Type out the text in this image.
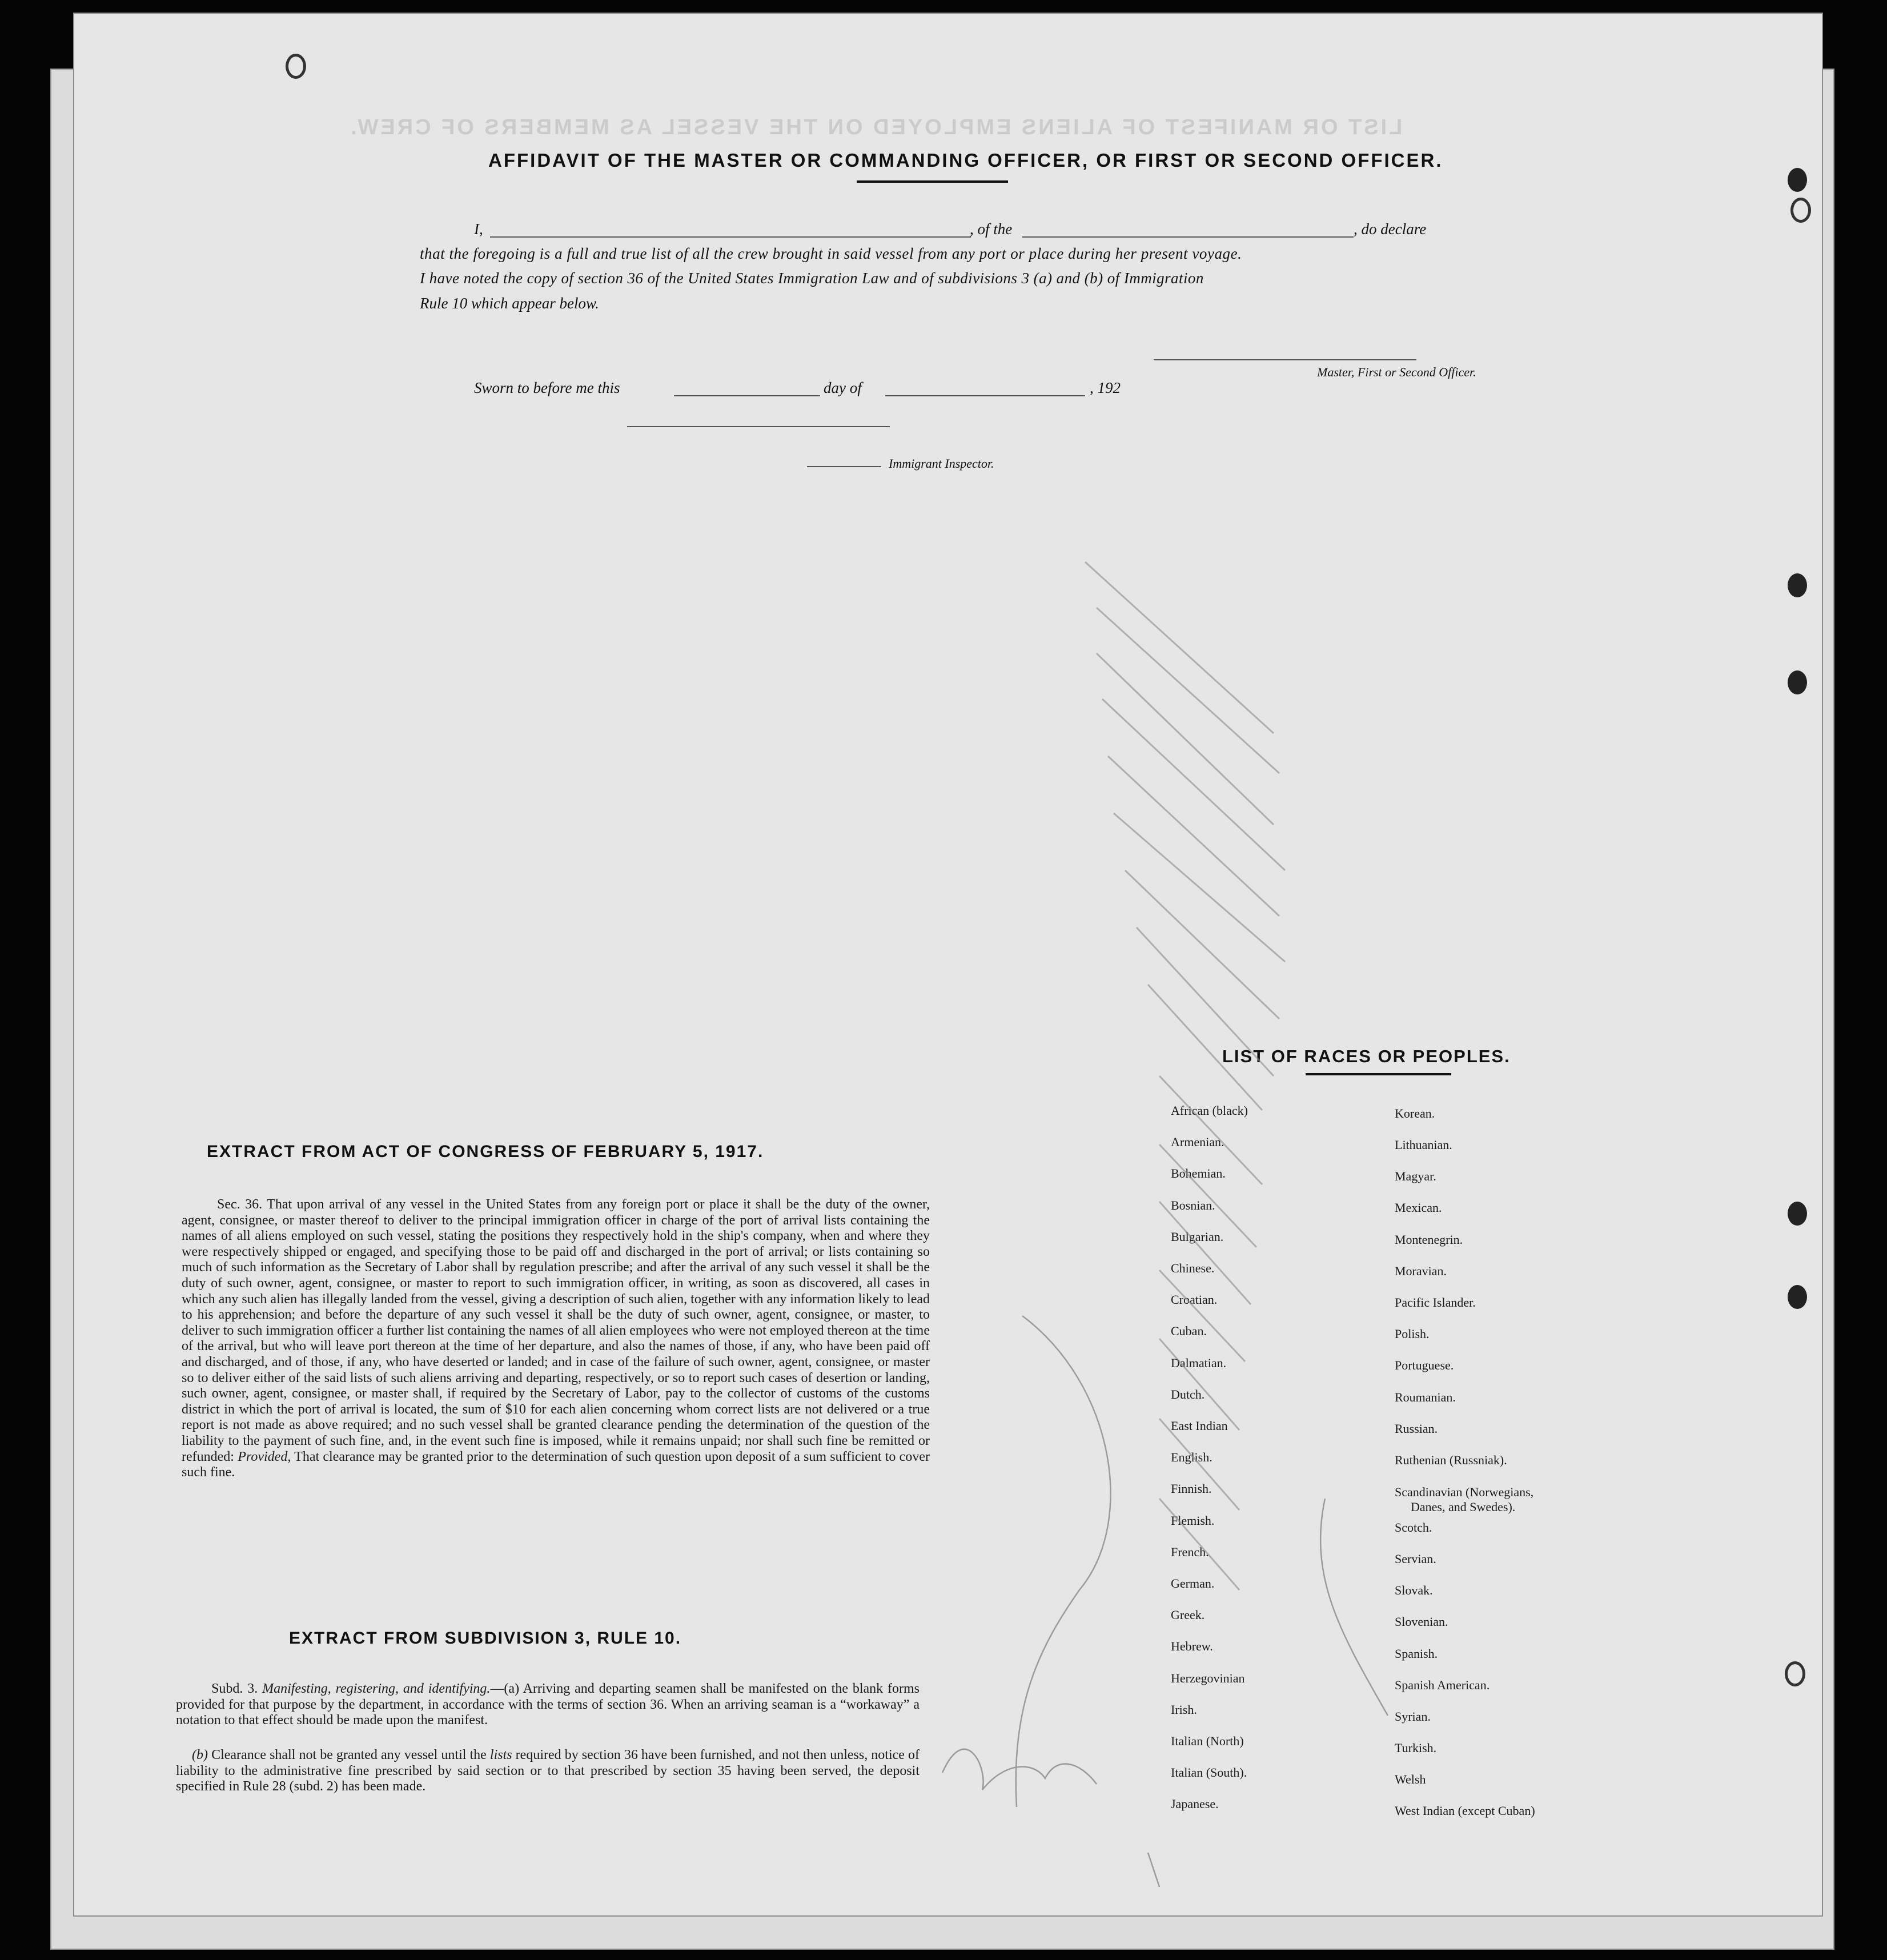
LIST OR MANIFEST OF ALIENS EMPLOYED ON THE VESSEL AS MEMBERS OF CREW.
AFFIDAVIT OF THE MASTER OR COMMANDING OFFICER, OR FIRST OR SECOND OFFICER.
I,	, of the	, do declare
that the foregoing is a full and true list of all the crew brought in said vessel from any port or place during her present voyage.
I have noted the copy of section 36 of the United States Immigration Law and of subdivisions 3 (a) and (b) of Immigration
Rule 10 which appear below.
Master, First or Second Officer.
Sworn to before me this	day of	, 192
Immigrant Inspector.
EXTRACT FROM ACT OF CONGRESS OF FEBRUARY 5, 1917.

Sec. 36. That upon arrival of any vessel in the United States from any foreign port or place it shall be the duty of the owner, agent, consignee, or master thereof to deliver to the principal immigration officer in charge of the port of arrival lists containing the names of all aliens employed on such vessel, stating the positions they respectively hold in the ship's company, when and where they were respectively shipped or engaged, and specifying those to be paid off and discharged in the port of arrival; or lists containing so much of such information as the Secretary of Labor shall by regulation prescribe; and after the arrival of any such vessel it shall be the duty of such owner, agent, consignee, or master to report to such immigration officer, in writing, as soon as discovered, all cases in which any such alien has illegally landed from the vessel, giving a description of such alien, together with any information likely to lead to his apprehension; and before the departure of any such vessel it shall be the duty of such owner, agent, consignee, or master, to deliver to such immigration officer a further list containing the names of all alien employees who were not employed thereon at the time of the arrival, but who will leave port thereon at the time of her departure, and also the names of those, if any, who have been paid off and discharged, and of those, if any, who have deserted or landed; and in case of the failure of such owner, agent, consignee, or master so to deliver either of the said lists of such aliens arriving and departing, respectively, or so to report such cases of desertion or landing, such owner, agent, consignee, or master shall, if required by the Secretary of Labor, pay to the collector of customs of the customs district in which the port of arrival is located, the sum of $10 for each alien concerning whom correct lists are not delivered or a true report is not made as above required; and no such vessel shall be granted clearance pending the determination of the question of the liability to the payment of such fine, and, in the event such fine is imposed, while it remains unpaid; nor shall such fine be remitted or refunded: Provided, That clearance may be granted prior to the determination of such question upon deposit of a sum sufficient to cover such fine.

EXTRACT FROM SUBDIVISION 3, RULE 10.

Subd. 3. Manifesting, registering, and identifying.—(a) Arriving and departing seamen shall be manifested on the blank forms provided for that purpose by the department, in accordance with the terms of section 36. When an arriving seaman is a “workaway” a notation to that effect should be made upon the manifest.

(b) Clearance shall not be granted any vessel until the lists required by section 36 have been furnished, and not then unless, notice of liability to the administrative fine prescribed by said section or to that prescribed by section 35 having been served, the deposit specified in Rule 28 (subd. 2) has been made.

LIST OF RACES OR PEOPLES.
African (black)
Armenian.
Bohemian.
Bosnian.
Bulgarian.
Chinese.
Croatian.
Cuban.
Dalmatian.
Dutch.
East Indian
English.
Finnish.
Flemish.
French.
German.
Greek.
Hebrew.
Herzegovinian
Irish.
Italian (North)
Italian (South).
Japanese.
Korean.
Lithuanian.
Magyar.
Mexican.
Montenegrin.
Moravian.
Pacific Islander.
Polish.
Portuguese.
Roumanian.
Russian.
Ruthenian (Russniak).
Scandinavian (Norwegians,
Danes, and Swedes).
Scotch.
Servian.
Slovak.
Slovenian.
Spanish.
Spanish American.
Syrian.
Turkish.
Welsh
West Indian (except Cuban)
